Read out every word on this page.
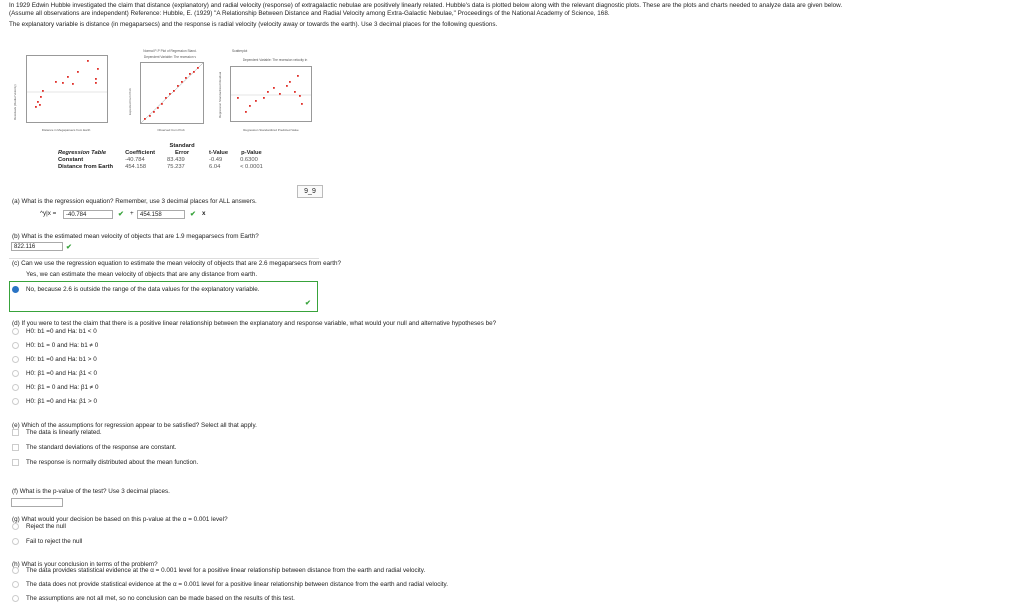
In 1929 Edwin Hubble investigated the claim that distance (explanatory) and radial velocity (response) of extragalactic nebulae are positively linearly related. Hubble's data is plotted below along with the relevant diagnostic plots. These are the plots and charts needed to analyze data are given below.
(Assume all observations are independent) Reference: Hubble, E. (1929) "A Relationship Between Distance and Radial Velocity among Extra-Galactic Nebulae," Proceedings of the National Academy of Science, 168.
The explanatory variable is distance (in megaparsecs) and the response is radial velocity (velocity away or towards the earth). Use 3 decimal places for the following questions.
Distance in Megaparsecs from Earth
Residuals (Radial Velocity)
Normal P-P Plot of Regression Stand.
Dependent Variable: The recession v
Observed Cum Prob
Expected Cum Prob
Scatterplot
Dependent Variable: The recession velocity in
Regression Standardized Predicted Value
Regression Standardized Residual
Regression Table	Coefficient	Standard Error	t-Value	p-Value
Constant	-40.784	83.439	-0.49	0.6300
Distance from Earth	454.158	75.237	6.04	< 0.0001
9_9
(a) What is the regression equation? Remember, use 3 decimal places for ALL answers.
^y|x =	-40.784	✔ +	454.158	✔ x
(b) What is the estimated mean velocity of objects that are 1.9 megaparsecs from Earth?
822.116	✔
(c) Can we use the regression equation to estimate the mean velocity of objects that are 2.6 megaparsecs from earth?
Yes, we can estimate the mean velocity of objects that are any distance from earth.
No, because 2.6 is outside the range of the data values for the explanatory variable.
✔
(d) If you were to test the claim that there is a positive linear relationship between the explanatory and response variable, what would your null and alternative hypotheses be?
H0: b1 =0 and Ha: b1 < 0
H0: b1 = 0 and Ha: b1 ≠ 0
H0: b1 =0 and Ha: b1 > 0
H0: β1 =0 and Ha: β1 < 0
H0: β1 = 0 and Ha: β1 ≠ 0
H0: β1 =0 and Ha: β1 > 0
(e) Which of the assumptions for regression appear to be satisfied? Select all that apply.
The data is linearly related.
The standard deviations of the response are constant.
The response is normally distributed about the mean function.
(f) What is the p-value of the test? Use 3 decimal places.
(g) What would your decision be based on this p-value at the α = 0.001 level?
Reject the null
Fail to reject the null
(h) What is your conclusion in terms of the problem?
The data provides statistical evidence at the α = 0.001 level for a positive linear relationship between distance from the earth and radial velocity.
The data does not provide statistical evidence at the α = 0.001 level for a positive linear relationship between distance from the earth and radial velocity.
The assumptions are not all met, so no conclusion can be made based on the results of this test.
